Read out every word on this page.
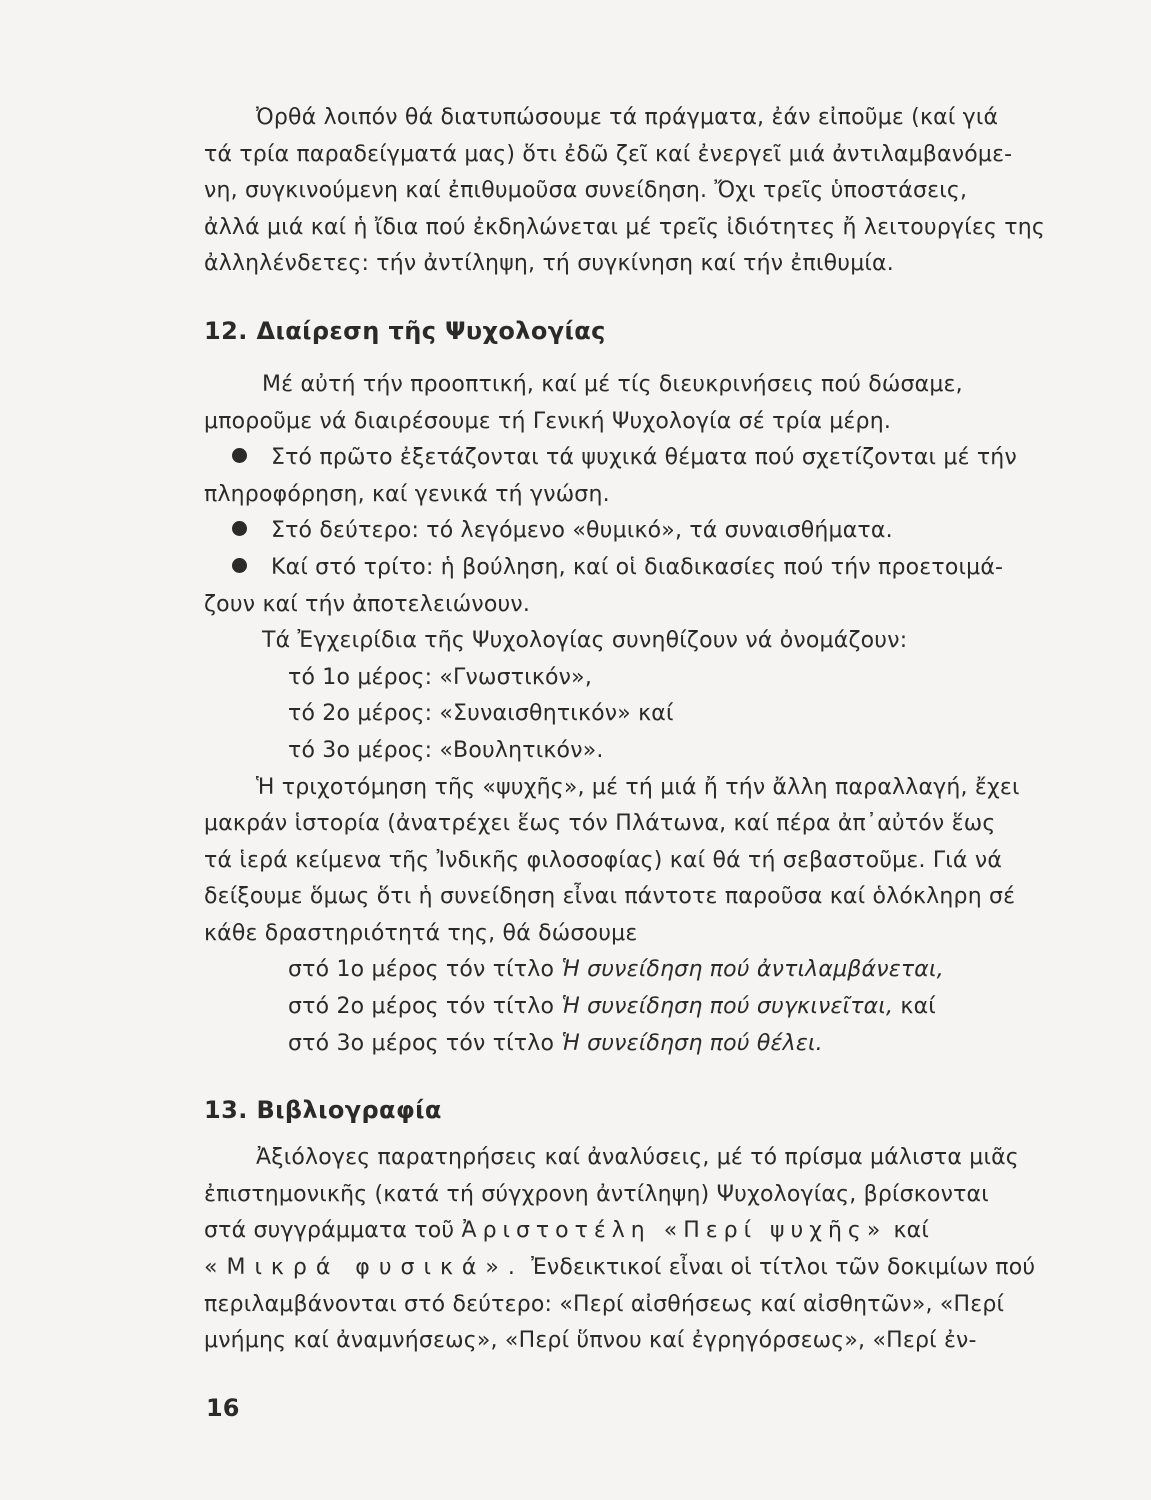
Ὀρθά λοιπόν θά διατυπώσουμε τά πράγματα, ἐάν εἰποῦμε (καί γιά
τά τρία παραδείγματά μας) ὅτι ἐδῶ ζεῖ καί ἐνεργεῖ μιά ἀντιλαμβανόμε-
νη, συγκινούμενη καί ἐπιθυμοῦσα συνείδηση. Ὄχι τρεῖς ὑποστάσεις,
ἀλλά μιά καί ἡ ἴδια πού ἐκδηλώνεται μέ τρεῖς ἰδιότητες ἤ λειτουργίες της
ἀλληλένδετες: τήν ἀντίληψη, τή συγκίνηση καί τήν ἐπιθυμία.

12. Διαίρεση τῆς Ψυχολογίας

Μέ αὐτή τήν προοπτική, καί μέ τίς διευκρινήσεις πού δώσαμε,
μποροῦμε νά διαιρέσουμε τή Γενική Ψυχολογία σέ τρία μέρη.

Στό πρῶτο ἐξετάζονται τά ψυχικά θέματα πού σχετίζονται μέ τήν
πληροφόρηση, καί γενικά τή γνώση.
Στό δεύτερο: τό λεγόμενο «θυμικό», τά συναισθήματα.
Καί στό τρίτο: ἡ βούληση, καί οἱ διαδικασίες πού τήν προετοιμά-
ζουν καί τήν ἀποτελειώνουν.

Τά Ἐγχειρίδια τῆς Ψυχολογίας συνηθίζουν νά ὀνομάζουν:

τό 1ο μέρος: «Γνωστικόν»,

τό 2ο μέρος: «Συναισθητικόν» καί

τό 3ο μέρος: «Βουλητικόν».

Ἡ τριχοτόμηση τῆς «ψυχῆς», μέ τή μιά ἤ τήν ἄλλη παραλλαγή, ἔχει
μακράν ἱστορία (ἀνατρέχει ἕως τόν Πλάτωνα, καί πέρα ἀπ᾽αὐτόν ἕως
τά ἱερά κείμενα τῆς Ἰνδικῆς φιλοσοφίας) καί θά τή σεβαστοῦμε. Γιά νά
δείξουμε ὅμως ὅτι ἡ συνείδηση εἶναι πάντοτε παροῦσα καί ὁλόκληρη σέ
κάθε δραστηριότητά της, θά δώσουμε

στό 1ο μέρος τόν τίτλο Ἡ συνείδηση πού ἀντιλαμβάνεται,

στό 2ο μέρος τόν τίτλο Ἡ συνείδηση πού συγκινεῖται, καί

στό 3ο μέρος τόν τίτλο Ἡ συνείδηση πού θέλει.

13. Βιβλιογραφία

Ἀξιόλογες παρατηρήσεις καί ἀναλύσεις, μέ τό πρίσμα μάλιστα μιᾶς
ἐπιστημονικῆς (κατά τή σύγχρονη ἀντίληψη) Ψυχολογίας, βρίσκονται
στά συγγράμματα τοῦ Ἀριστοτέλη «Περί ψυχῆς» καί
«Μικρά φυσικά». Ἐνδεικτικοί εἶναι οἱ τίτλοι τῶν δοκιμίων πού
περιλαμβάνονται στό δεύτερο: «Περί αἰσθήσεως καί αἰσθητῶν», «Περί
μνήμης καί ἀναμνήσεως», «Περί ὕπνου καί ἐγρηγόρσεως», «Περί ἐν-

16
